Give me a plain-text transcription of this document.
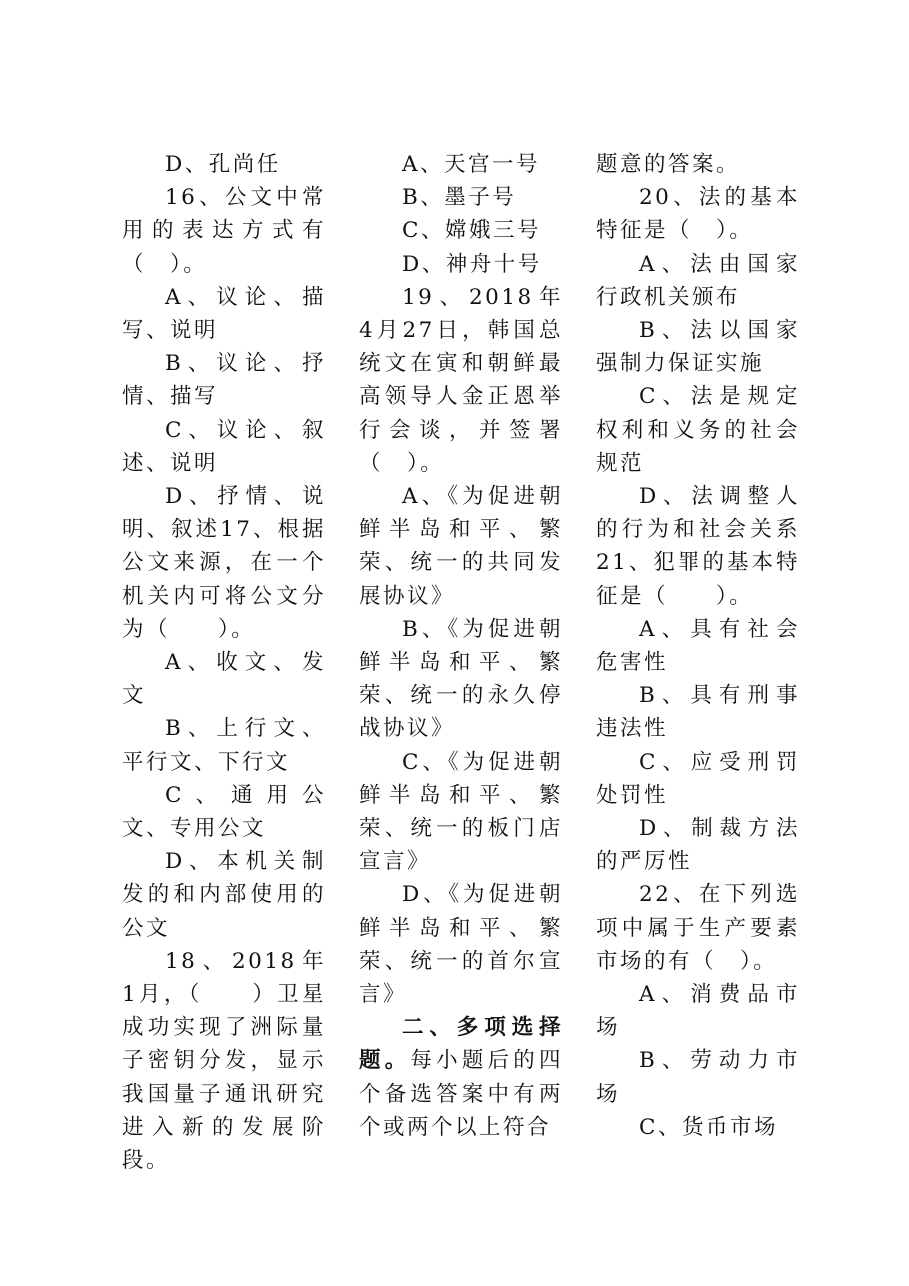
D、孔尚任

16、公文中常用的表达方式有（　）。

A、议论、描写、说明

B、议论、抒情、描写

C、议论、叙述、说明

D、抒情、说明、叙述17、根据公文来源，在一个机关内可将公文分为（　　）。

A、收文、发文

B、上行文、平行文、下行文

C、通用公文、专用公文

D、本机关制发的和内部使用的公文

18、2018年1月，（　　）卫星成功实现了洲际量子密钥分发，显示我国量子通讯研究进入新的发展阶段。

A、天宫一号

B、墨子号

C、嫦娥三号

D、神舟十号

19、2018年4月27日，韩国总统文在寅和朝鲜最高领导人金正恩举行会谈，并签署（　）。

A、《为促进朝鲜半岛和平、繁荣、统一的共同发展协议》

B、《为促进朝鲜半岛和平、繁荣、统一的永久停战协议》

C、《为促进朝鲜半岛和平、繁荣、统一的板门店宣言》

D、《为促进朝鲜半岛和平、繁荣、统一的首尔宣言》

二、多项选择题。每小题后的四个备选答案中有两个或两个以上符合

题意的答案。

20、法的基本特征是（　）。

A、法由国家行政机关颁布

B、法以国家强制力保证实施

C、法是规定权利和义务的社会规范

D、法调整人的行为和社会关系21、犯罪的基本特征是（　　）。

A、具有社会危害性

B、具有刑事违法性

C、应受刑罚处罚性

D、制裁方法的严厉性

22、在下列选项中属于生产要素市场的有（　）。

A、消费品市场

B、劳动力市场

C、货币市场
